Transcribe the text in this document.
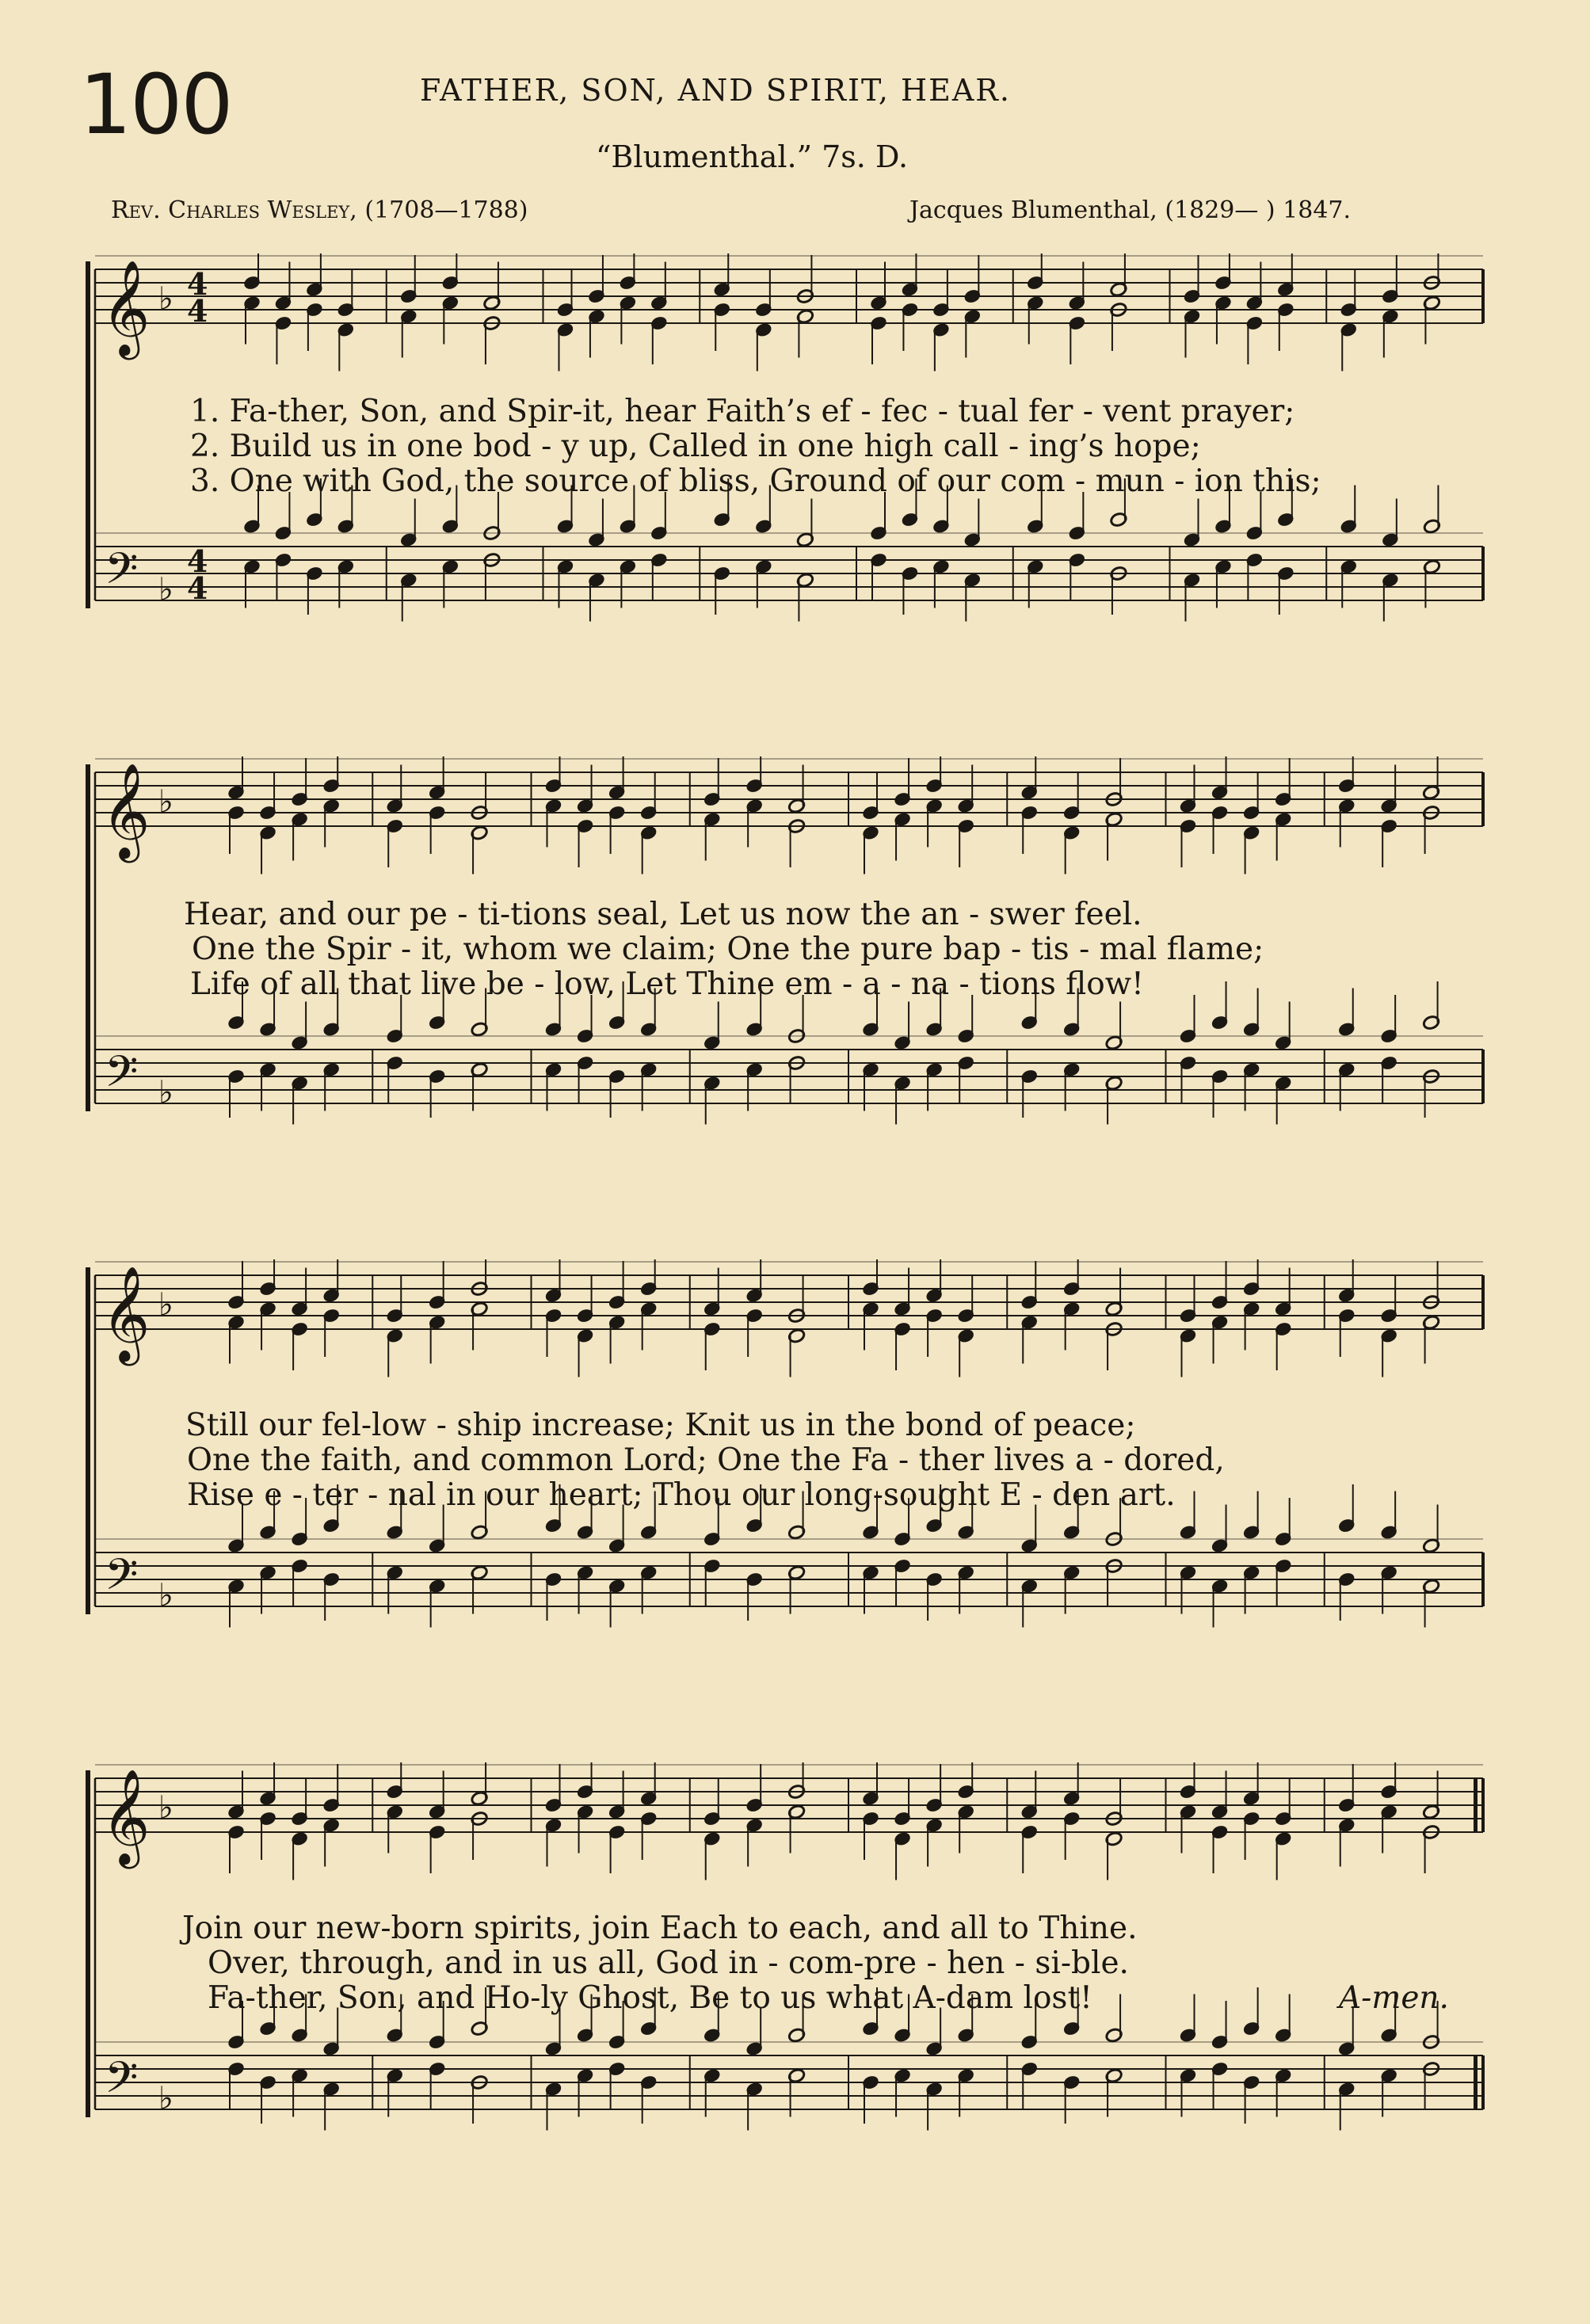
100	FATHER, SON, AND SPIRIT, HEAR.
“Blumenthal.” 7s. D.
Rev. Charles Wesley, (1708—1788)	Jacques Blumenthal, (1829— ) 1847.
𝄞
𝄢
♭
♭
4
4
4
4
1. Fa-ther, Son, and Spir-it, hear Faith’s ef - fec - tual fer - vent prayer;
2. Build us in one bod - y up, Called in one high call - ing’s hope;
3. One with God, the source of bliss, Ground of our com - mun - ion this;
𝄞
𝄢
♭
♭
Hear, and our pe - ti-tions seal, Let us now the an - swer feel.
One the Spir - it, whom we claim; One the pure bap - tis - mal flame;
Life of all that live be - low, Let Thine em - a - na - tions flow!
𝄞
𝄢
♭
♭
Still our fel-low - ship increase; Knit us in the bond of peace;
One the faith, and common Lord; One the Fa - ther lives a - dored,
Rise e - ter - nal in our heart; Thou our long-sought E - den art.
𝄞
𝄢
♭
♭
Join our new-born spirits, join Each to each, and all to Thine.
Over, through, and in us all, God in - com-pre - hen - si-ble.
Fa-ther, Son, and Ho-ly Ghost, Be to us what A-dam lost!	A-men.
